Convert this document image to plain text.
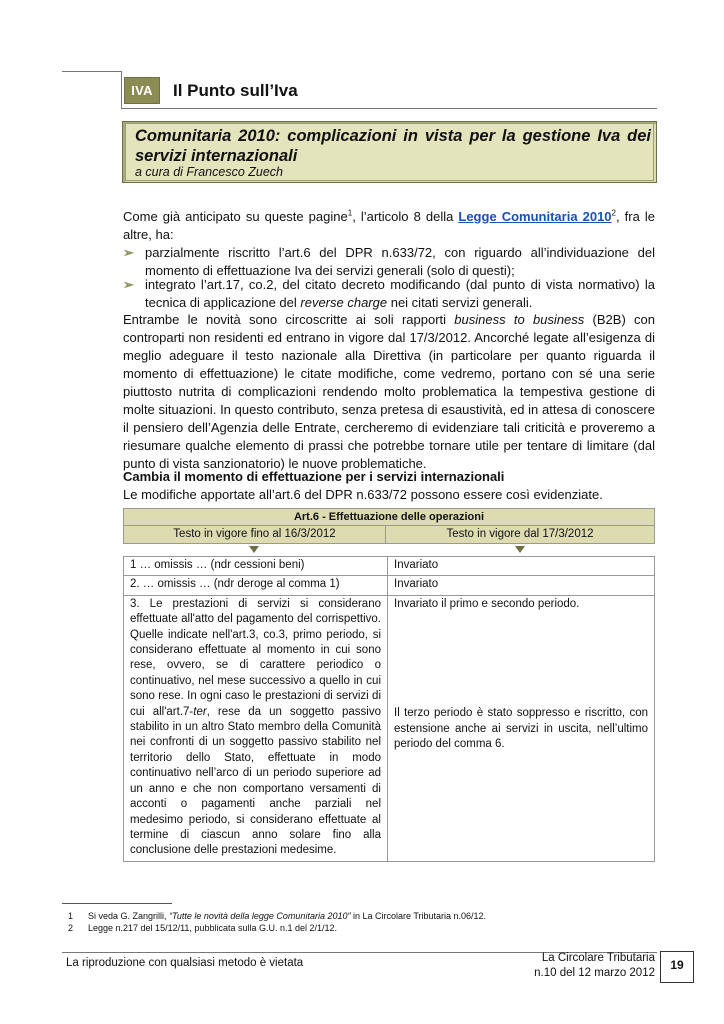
IVA	Il Punto sull’Iva
Comunitaria 2010: complicazioni in vista per la gestione Iva dei servizi internazionali
a cura di Francesco Zuech
Come già anticipato su queste pagine$^1$, l’articolo 8 della Legge Comunitaria 2010$^2$, fra le altre, ha:
➢ parzialmente riscritto l’art.6 del DPR n.633/72, con riguardo all’individuazione del momento di effettuazione Iva dei servizi generali (solo di questi);
➢ integrato l’art.17, co.2, del citato decreto modificando (dal punto di vista normativo) la tecnica di applicazione del reverse charge nei citati servizi generali.
Entrambe le novità sono circoscritte ai soli rapporti business to business (B2B) con controparti non residenti ed entrano in vigore dal 17/3/2012. Ancorché legate all’esigenza di meglio adeguare il testo nazionale alla Direttiva (in particolare per quanto riguarda il momento di effettuazione) le citate modifiche, come vedremo, portano con sé una serie piuttosto nutrita di complicazioni rendendo molto problematica la tempestiva gestione di molte situazioni. In questo contributo, senza pretesa di esaustività, ed in attesa di conoscere il pensiero dell’Agenzia delle Entrate, cercheremo di evidenziare tali criticità e proveremo a riesumare qualche elemento di prassi che potrebbe tornare utile per tentare di limitare (dal punto di vista sanzionatorio) le nuove problematiche.
Cambia il momento di effettuazione per i servizi internazionali
Le modifiche apportate all’art.6 del DPR n.633/72 possono essere così evidenziate.
Art.6 - Effettuazione delle operazioni
Testo in vigore fino al 16/3/2012	Testo in vigore dal 17/3/2012
1 … omissis … (ndr cessioni beni)	Invariato
2. … omissis … (ndr deroge al comma 1)	Invariato
3. Le prestazioni di servizi si considerano effettuate all'atto del pagamento del corrispettivo. Quelle indicate nell'art.3, co.3, primo periodo, si considerano effettuate al momento in cui sono rese, ovvero, se di carattere periodico o continuativo, nel mese successivo a quello in cui sono rese. In ogni caso le prestazioni di servizi di cui all'art.7-ter, rese da un soggetto passivo stabilito in un altro Stato membro della Comunità nei confronti di un soggetto passivo stabilito nel territorio dello Stato, effettuate in modo continuativo nell’arco di un periodo superiore ad un anno e che non comportano versamenti di acconti o pagamenti anche parziali nel medesimo periodo, si considerano effettuate al termine di ciascun anno solare fino alla conclusione delle prestazioni medesime.	Invariato il primo e secondo periodo.
Il terzo periodo è stato soppresso e riscritto, con estensione anche ai servizi in uscita, nell’ultimo periodo del comma 6.
1 Si veda G. Zangrilli, “Tutte le novità della legge Comunitaria 2010” in La Circolare Tributaria n.06/12.
2 Legge n.217 del 15/12/11, pubblicata sulla G.U. n.1 del 2/1/12.
La riproduzione con qualsiasi metodo è vietata	La Circolare Tributaria
n.10 del 12 marzo 2012
19
